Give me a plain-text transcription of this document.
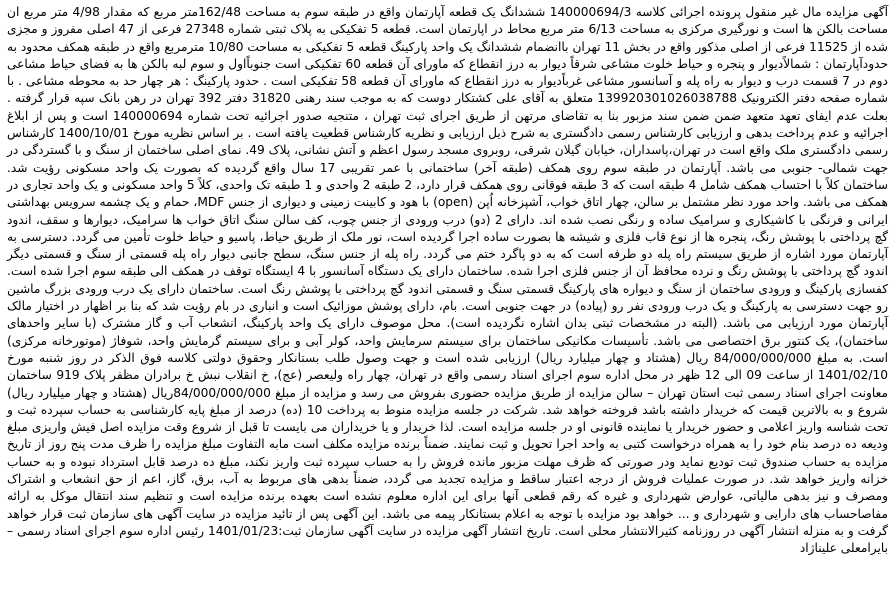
آگهی مزایده مال غیر منقول پرونده اجرائی کلاسه 140000694/3 ششدانگ یک قطعه آپارتمان واقع در طبقه سوم به مساحت 162/48متر مربع که مقدار 4/98 متر مربع ان مساحت بالکن ها است و نورگیری مرکزی به مساحت 6/13 متر مربع محاط در اپارتمان است. قطعه 5 تفکیکی به پلاک ثبتی شماره 27348 فرعی از 47 اصلی مفروز و مجزی شده از 11525 فرعی از اصلی مذکور واقع در بخش 11 تهران باانضمام ششدانگ یک واحد پارکینگ قطعه 5 تفکیکی به مساحت 10/80 مترمربع واقع در طبقه همکف محدود به حدودآپارتمان : شمالاًدیوار و پنجره و حیاط خلوت مشاعی شرقاً دیوار به درز انقطاع که ماورای آن قطعه 60 تفکیکی است جنوباًاول و سوم لبه بالکن ها به فضای حیاط مشاعی دوم در 7 قسمت درب و دیوار به راه پله و آسانسور مشاعی غرباًدیوار به درز انقطاع که ماورای آن قطعه 58 تفکیکی است . حدود پارکینگ : هر چهار حد به محوطه مشاعی . با شماره صفحه دفتر الکترونیک 139920301026038788 متعلق به آقای علی کشتکار دوست که به موجب سند رهنی 31820 دفتر 392 تهران در رهن بانک سپه قرار گرفته . بعلت عدم ایفای تعهد متعهد ضمن ضمن سند مزبور بنا به تقاضای مرتهن از طریق اجرای ثبت تهران ، متنجیه صدور اجرائیه تحت شماره 140000694 است و پس از ابلاغ اجرائیه و عدم پرداخت بدهی و ارزیابی کارشناس رسمی دادگستری به شرح ذیل ارزیابی و نظریه کارشناس قطعیت یافته است . بر اساس نظریه مورخ 1400/10/01 کارشناس رسمی دادگستری ملک واقع است در تهران،پاسداران، خیابان گیلان شرقی، روبروی مسجد رسول اعظم و آتش نشانی، پلاک 49. نمای اصلی ساختمان از سنگ و با گستردگی در جهت شمالی- جنوبی می باشد. آپارتمان در طبقه سوم روی همکف (طبقه آخر) ساختمانی با عمر تقریبی 17 سال واقع گردیده که بصورت یک واحد مسکونی رؤیت شد. ساختمان کلاً با احتساب همکف شامل 4 طبقه است که 3 طبقه فوقانی روی همکف قرار دارد، 2 طبقه 2 واحدی و 1 طبقه تک واحدی، کلاً 5 واحد مسکونی و یک واحد تجاری در همکف می باشد. واحد مورد نظر مشتمل بر سالن، چهار اتاق خواب، آشپزخانه اُپن (open) با هود و کابینت زمینی و دیواری از جنس MDF، حمام و یک چشمه سرویس بهداشتی ایرانی و فرنگی با کاشیکاری و سرامیک ساده و رنگی نصب شده اند. دارای 2 (دو) درب ورودی از جنس چوب، کف سالن سنگ اتاق خواب ها سرامیک، دیوارها و سقف، اندود گچ پرداختی با پوشش رنگ، پنجره ها از نوع قاب فلزی و شیشه ها بصورت ساده اجرا گردیده است، نور ملک از طریق حیاط، پاسیو و حیاط خلوت تأمین می گردد. دسترسی به آپارتمان مورد اشاره از طریق سیستم راه پله دو طرفه است که به دو پاگرد ختم می گردد. راه پله از جنس سنگ، سطح جانبی دیوار راه پله قسمتی از سنگ و قسمتی دیگر اندود گچ پرداختی با پوشش رنگ و نرده محافظ آن از جنس فلزی اجرا شده. ساختمان دارای یک دستگاه آسانسور با 4 ایستگاه توقف در همکف الی طبقه سوم اجرا شده است. کفسازی پارکینگ و ورودی ساختمان از سنگ و دیواره های پارکینگ قسمتی سنگ و قسمتی اندود گچ پرداختی با پوشش رنگ است. ساختمان دارای یک درب ورودی بزرگ ماشین رو جهت دسترسی به پارکینگ و یک درب ورودی نفر رو (پیاده) در جهت جنوبی است. بام، دارای پوشش موزائیک است و انباری در بام رؤیت شد که بنا بر اظهار در اختیار مالک آپارتمان مورد ارزیابی می باشد. (البته در مشخصات ثبتی بدان اشاره نگردیده است). محل موصوف دارای یک واحد پارکینگ، انشعاب آب و گاز مشترک (با سایر واحدهای ساختمان)، یک کنتور برق اختصاصی می باشد. تأسیسات مکانیکی ساختمان برای سیستم سرمایش واحد، کولر آبی و برای سیستم گرمایش واحد، شوفاژ (موتورخانه مرکزی) است. به مبلغ 84/000/000/000 ریال (هشتاد و چهار میلیارد ریال) ارزیابی شده است و جهت وصول طلب بستانکار وحقوق دولتی کلاسه فوق الذکر در روز شنبه مورخ 1401/02/10 از ساعت 09 الی 12 ظهر در محل اداره سوم اجرای اسناد رسمی واقع در تهران، چهار راه ولیعصر (عج)، خ انقلاب نبش خ برادران مظفر پلاک 919 ساختمان معاونت اجرای اسناد رسمی ثبت استان تهران – سالن مزایده از طریق مزایده حضوری بفروش می رسد و مزایده از مبلغ 84/000/000/000ریال (هشتاد و چهار میلیارد ریال) شروع و به بالاترین قیمت که خریدار داشته باشد فروخته خواهد شد. شرکت در جلسه مزایده منوط به پرداخت 10 (ده) درصد از مبلغ پایه کارشناسی به حساب سپرده ثبت و تحت شناسه واریز اعلامی و حضور خریدار یا نماینده قانونی او در جلسه مزایده است. لذا خریدار و یا خریداران می بایست تا قبل از شروع وقت مزایده اصل فیش واریزی مبلغ ودیعه ده درصد بنام خود را به همراه درخواست کتبی به واحد اجرا تحویل و ثبت نمایند. ضمناً برنده مزایده مکلف است مابه التفاوت مبلغ مزایده را ظرف مدت پنج روز از تاریخ مزایده به حساب صندوق ثبت تودیع نماید ودر صورتی که ظرف مهلت مزبور مانده فروش را به حساب سپرده ثبت واریز نکند، مبلغ ده درصد قابل استرداد نبوده و به حساب خزانه واریز خواهد شد. در صورت عملیات فروش از درجه اعتبار ساقط و مزایده تجدید می گردد، ضمناً بدهی های مربوط به آب، برق، گاز، اعم از حق انشعاب و اشتراک ومصرف و نیز بدهی مالیاتی، عوارض شهرداری و غیره که رقم قطعی آنها برای این اداره معلوم نشده است بعهده برنده مزایده است و تنظیم سند انتقال موکل به ارائه مفاصاحساب های دارایی و شهرداری و ... خواهد بود مزایده با توجه به اعلام بستانکار پیمه می باشد. این آگهی پس از تائید مزایده در سایت آگهی های سازمان ثبت قرار خواهد گرفت و به منزله انتشار آگهی در روزنامه کثیرالانتشار محلی است. تاریخ انتشار آگهی مزایده در سایت آگهی سازمان ثبت:1401/01/23 رئیس اداره سوم اجرای اسناد رسمی – بایرامعلی علیناژاد
